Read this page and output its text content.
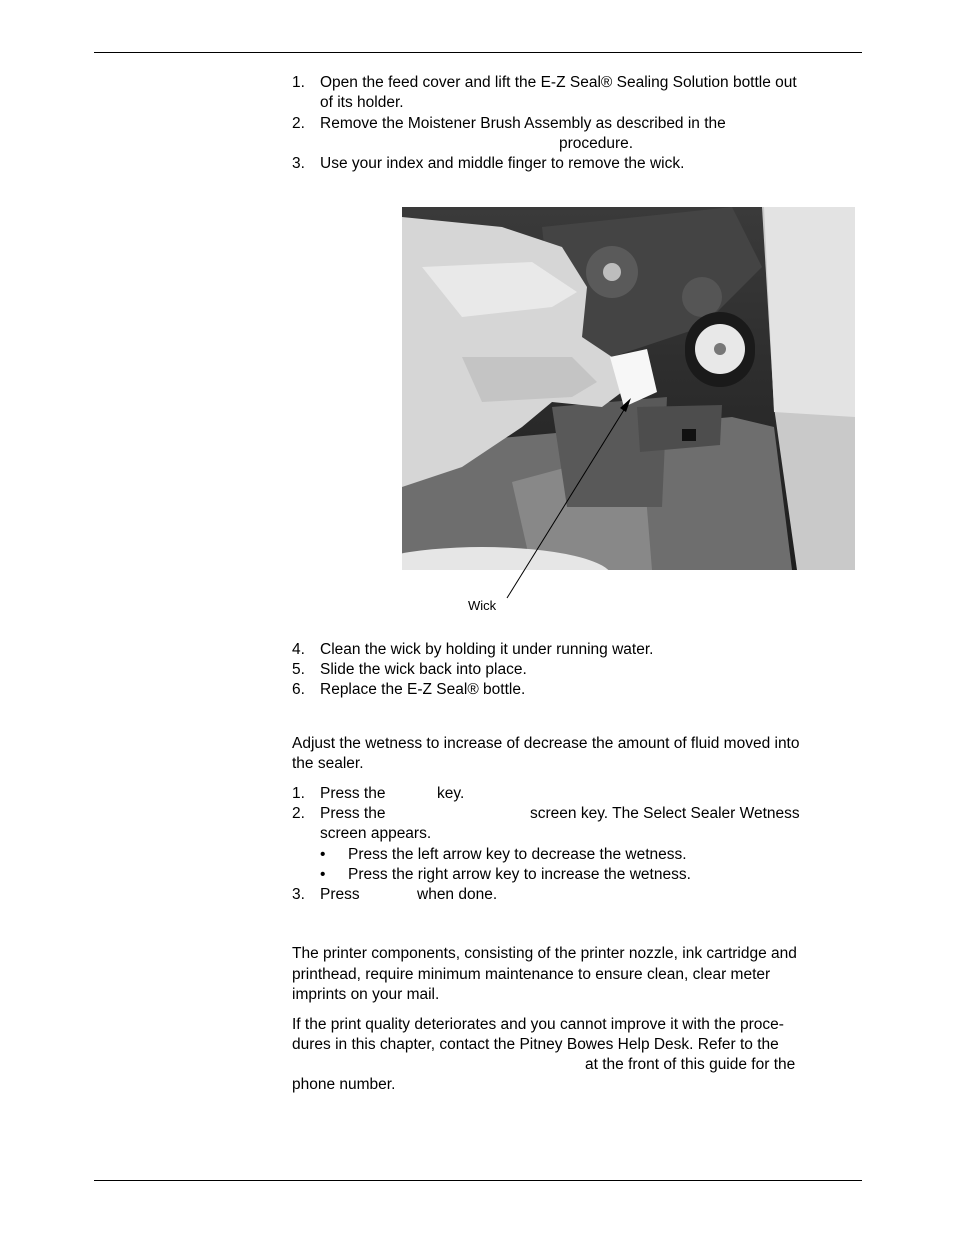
1. Open the feed cover and lift the E-Z Seal® Sealing Solution bottle out
of its holder.
2. Remove the Moistener Brush Assembly as described in the
procedure.
3. Use your index and middle finger to remove the wick.
Wick
4. Clean the wick by holding it under running water.
5. Slide the wick back into place.
6. Replace the E-Z Seal® bottle.
Adjust the wetness to increase of decrease the amount of fluid moved into
the sealer.
1. Press the	key.
2. Press the	screen key. The Select Sealer Wetness
screen appears.
• Press the left arrow key to decrease the wetness.
• Press the right arrow key to increase the wetness.
3. Press	when done.
The printer components, consisting of the printer nozzle, ink cartridge and
printhead, require minimum maintenance to ensure clean, clear meter
imprints on your mail.
If the print quality deteriorates and you cannot improve it with the proce-
dures in this chapter, contact the Pitney Bowes Help Desk. Refer to the
at the front of this guide for the
phone number.
